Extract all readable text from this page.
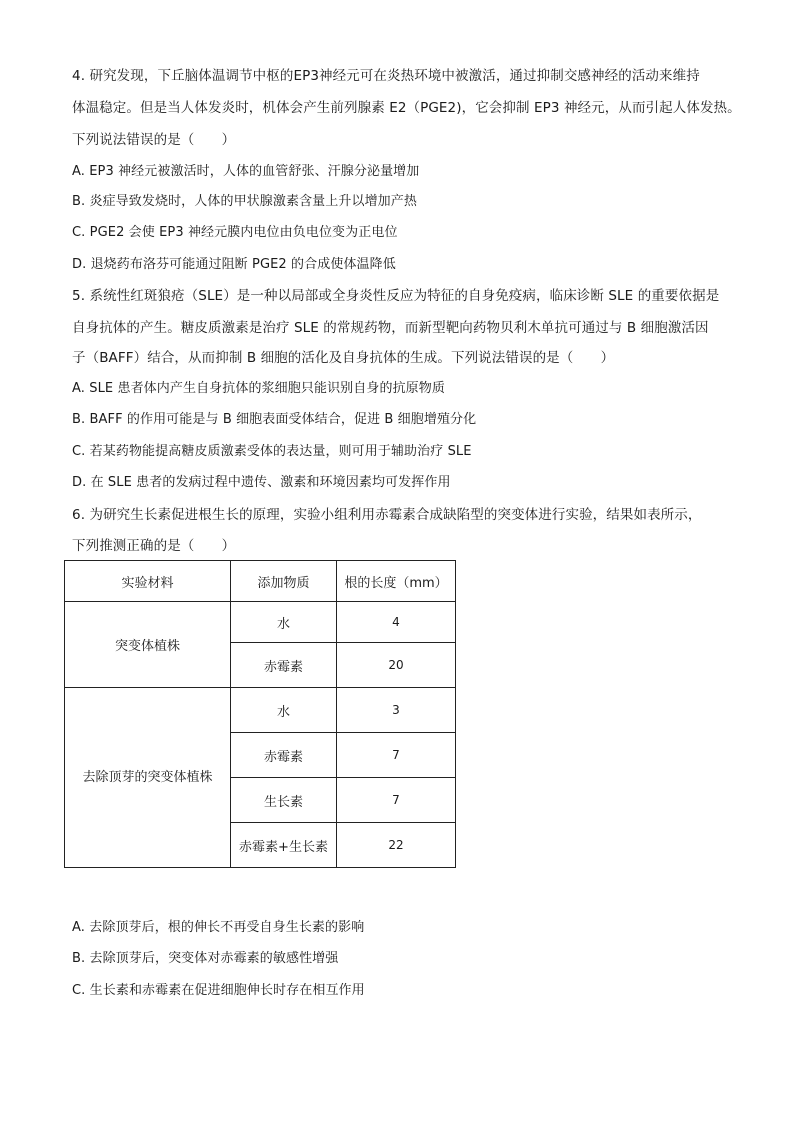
4. 研究发现，下丘脑体温调节中枢的EP3神经元可在炎热环境中被激活，通过抑制交感神经的活动来维持
体温稳定。但是当人体发炎时，机体会产生前列腺素 E2（PGE2)，它会抑制 EP3 神经元，从而引起人体发热。
下列说法错误的是（　　）
A. EP3 神经元被激活时，人体的血管舒张、汗腺分泌量增加
B. 炎症导致发烧时，人体的甲状腺激素含量上升以增加产热
C. PGE2 会使 EP3 神经元膜内电位由负电位变为正电位
D. 退烧药布洛芬可能通过阻断 PGE2 的合成使体温降低
5. 系统性红斑狼疮（SLE）是一种以局部或全身炎性反应为特征的自身免疫病，临床诊断 SLE 的重要依据是
自身抗体的产生。糖皮质激素是治疗 SLE 的常规药物，而新型靶向药物贝利木单抗可通过与 B 细胞激活因
子（BAFF）结合，从而抑制 B 细胞的活化及自身抗体的生成。下列说法错误的是（　　）
A. SLE 患者体内产生自身抗体的浆细胞只能识别自身的抗原物质
B. BAFF 的作用可能是与 B 细胞表面受体结合，促进 B 细胞增殖分化
C. 若某药物能提高糖皮质激素受体的表达量，则可用于辅助治疗 SLE
D. 在 SLE 患者的发病过程中遗传、激素和环境因素均可发挥作用
6. 为研究生长素促进根生长的原理，实验小组利用赤霉素合成缺陷型的突变体进行实验，结果如表所示，
下列推测正确的是（　　）
实验材料	添加物质	根的长度（mm）
突变体植株	水	4
	赤霉素	20
去除顶芽的突变体植株	水	3
	赤霉素	7
	生长素	7
	赤霉素+生长素	22
A. 去除顶芽后，根的伸长不再受自身生长素的影响
B. 去除顶芽后，突变体对赤霉素的敏感性增强
C. 生长素和赤霉素在促进细胞伸长时存在相互作用
